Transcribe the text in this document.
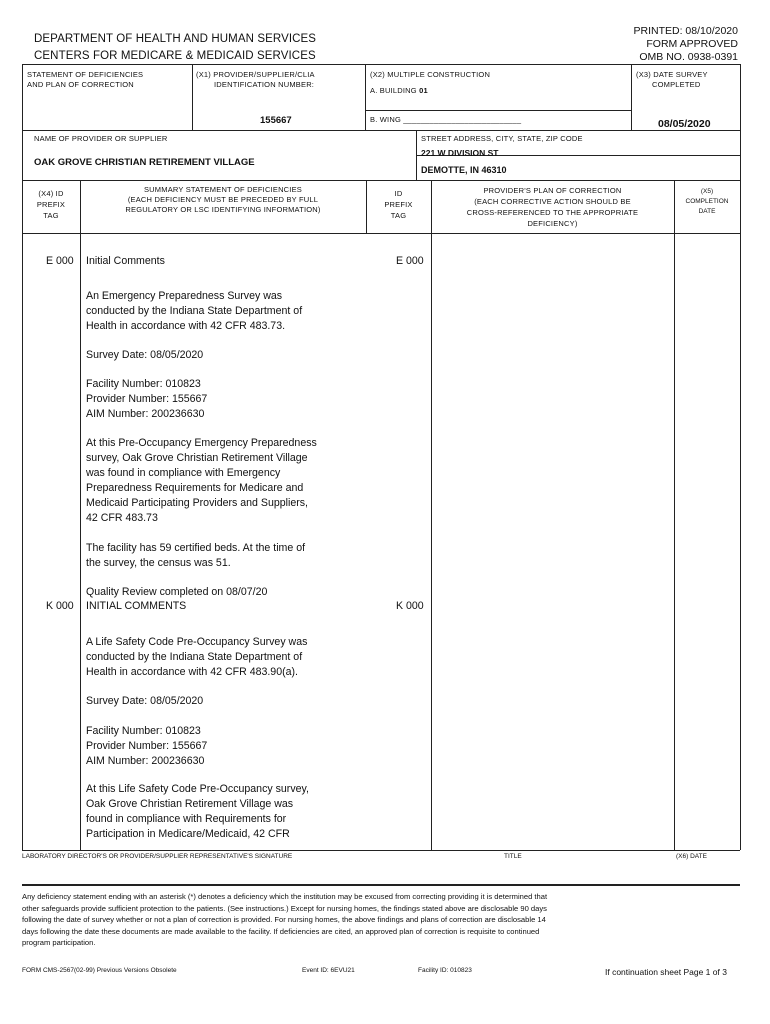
DEPARTMENT OF HEALTH AND HUMAN SERVICES
CENTERS FOR MEDICARE & MEDICAID SERVICES
PRINTED: 08/10/2020
FORM APPROVED
OMB NO. 0938-0391
STATEMENT OF DEFICIENCIES
AND PLAN OF CORRECTION
(X1) PROVIDER/SUPPLIER/CLIA
IDENTIFICATION NUMBER:
155667
(X2) MULTIPLE CONSTRUCTION
A. BUILDING 01
B. WING ___________________________
(X3) DATE SURVEY
COMPLETED
08/05/2020
NAME OF PROVIDER OR SUPPLIER
OAK GROVE CHRISTIAN RETIREMENT VILLAGE
STREET ADDRESS, CITY, STATE, ZIP CODE
221 W DIVISION ST
DEMOTTE, IN 46310
(X4) ID
PREFIX
TAG
SUMMARY STATEMENT OF DEFICIENCIES
(EACH DEFICIENCY MUST BE PRECEDED BY FULL
REGULATORY OR LSC IDENTIFYING INFORMATION)
ID
PREFIX
TAG
PROVIDER'S PLAN OF CORRECTION
(EACH CORRECTIVE ACTION SHOULD BE
CROSS-REFERENCED TO THE APPROPRIATE
DEFICIENCY)
(X5)
COMPLETION
DATE
E 000 Initial Comments	E 000
An Emergency Preparedness Survey was
conducted by the Indiana State Department of
Health in accordance with 42 CFR 483.73.
Survey Date: 08/05/2020
Facility Number: 010823
Provider Number: 155667
AIM Number: 200236630
At this Pre-Occupancy Emergency Preparedness
survey, Oak Grove Christian Retirement Village
was found in compliance with Emergency
Preparedness Requirements for Medicare and
Medicaid Participating Providers and Suppliers,
42 CFR 483.73
The facility has 59 certified beds. At the time of
the survey, the census was 51.
Quality Review completed on 08/07/20
K 000 INITIAL COMMENTS	K 000
A Life Safety Code Pre-Occupancy Survey was
conducted by the Indiana State Department of
Health in accordance with 42 CFR 483.90(a).
Survey Date: 08/05/2020
Facility Number: 010823
Provider Number: 155667
AIM Number: 200236630
At this Life Safety Code Pre-Occupancy survey,
Oak Grove Christian Retirement Village was
found in compliance with Requirements for
Participation in Medicare/Medicaid, 42 CFR
LABORATORY DIRECTOR'S OR PROVIDER/SUPPLIER REPRESENTATIVE'S SIGNATURE	TITLE	(X6) DATE
Any deficiency statement ending with an asterisk (*) denotes a deficiency which the institution may be excused from correcting providing it is determined that
other safeguards provide sufficient protection to the patients. (See instructions.) Except for nursing homes, the findings stated above are disclosable 90 days
following the date of survey whether or not a plan of correction is provided. For nursing homes, the above findings and plans of correction are disclosable 14
days following the date these documents are made available to the facility. If deficiencies are cited, an approved plan of correction is requisite to continued
program participation.
FORM CMS-2567(02-99) Previous Versions Obsolete	Event ID: 6EVU21	Facility ID: 010823	If continuation sheet Page 1 of 3
